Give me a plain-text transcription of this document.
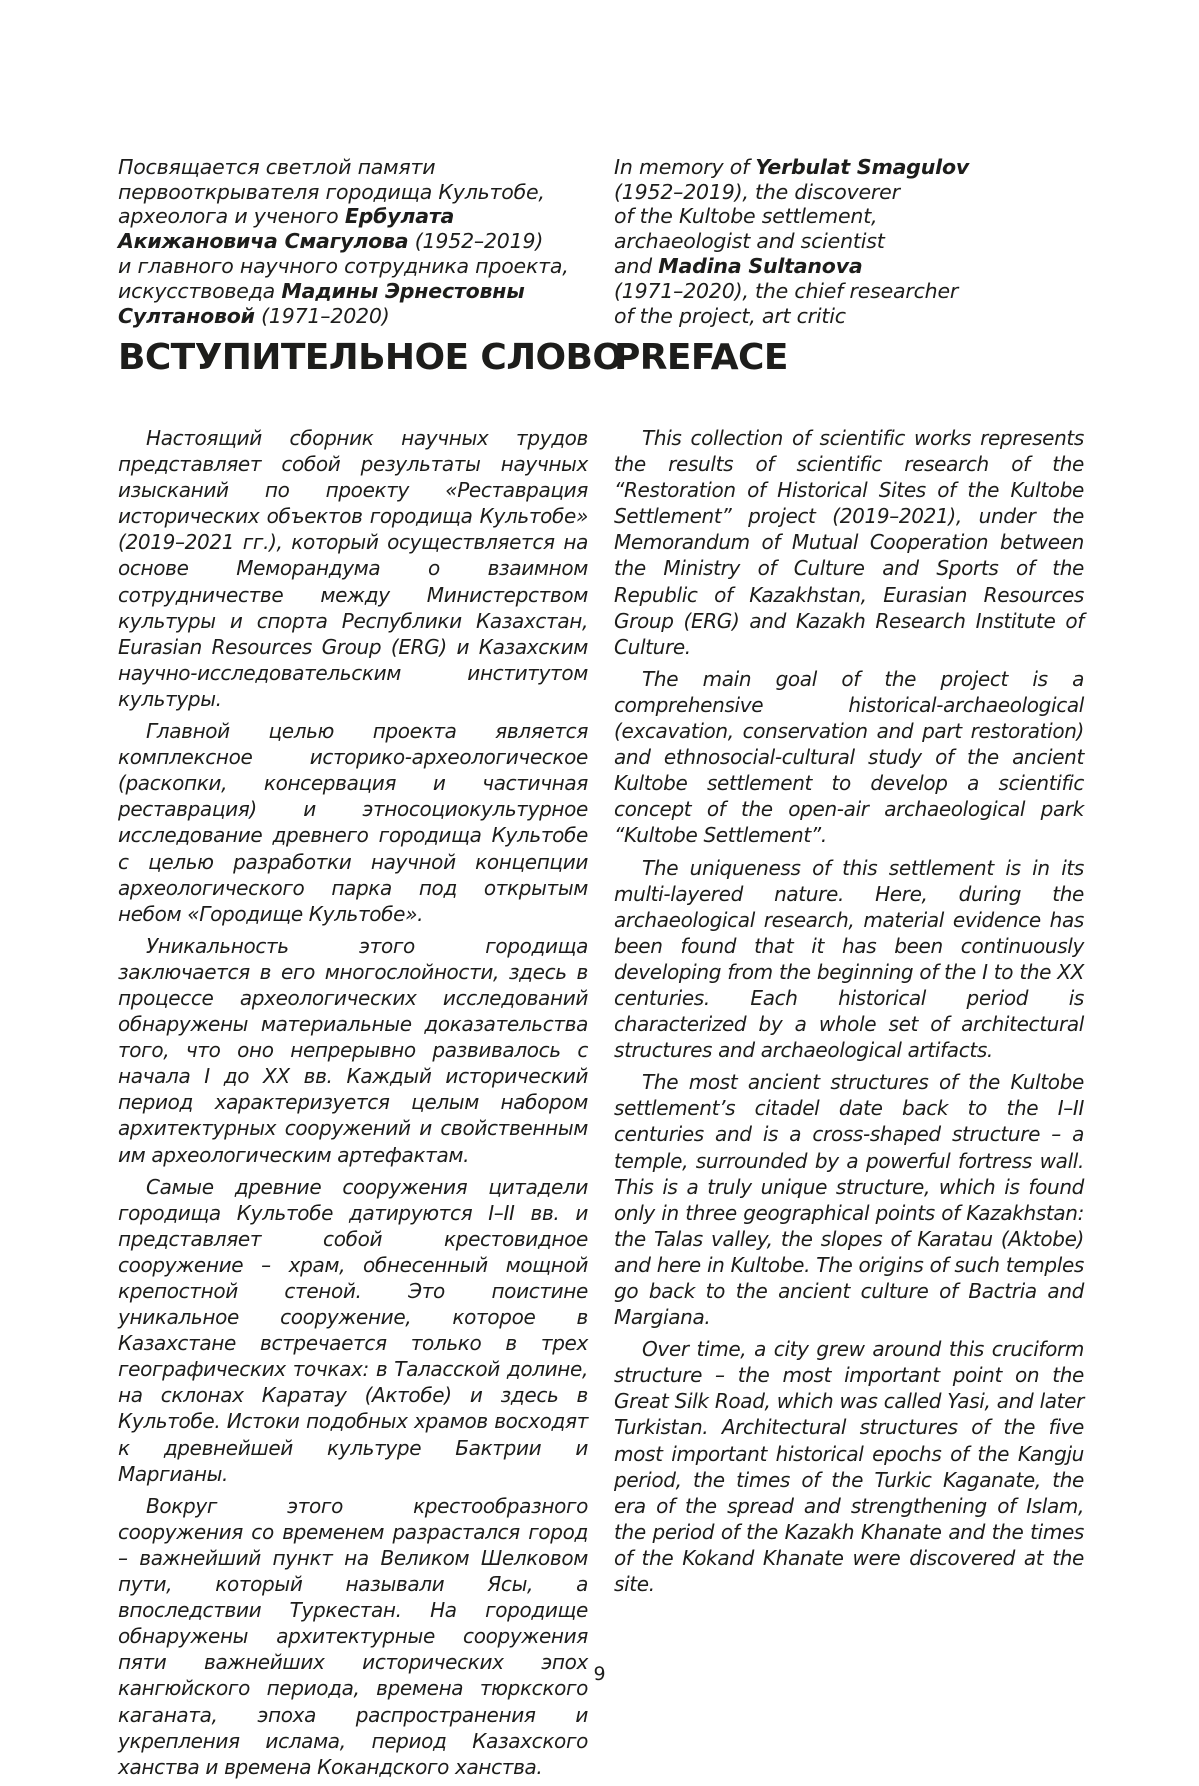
Посвящается светлой памяти
первооткрывателя городища Культобе,
археолога и ученого Ербулата
Акижановича Смагулова (1952–2019)
и главного научного сотрудника проекта,
искусствоведа Мадины Эрнестовны
Султановой (1971–2020)

ВСТУПИТЕЛЬНОЕ СЛОВО

Настоящий сборник научных трудов представляет собой результаты научных изысканий по проекту «Реставрация исторических объектов городища Культобе» (2019–2021 гг.), который осуществляется на основе Меморандума о взаимном сотрудничестве между Министерством культуры и спорта Республики Казахстан, Eurasian Resources Group (ERG) и Казахским научно-исследовательским институтом культуры.

Главной целью проекта является комплексное историко-археологическое (раскопки, консервация и частичная реставрация) и этносоциокультурное исследование древнего городища Культобе с целью разработки научной концепции археологического парка под открытым небом «Городище Культобе».

Уникальность этого городища заключается в его многослойности, здесь в процессе археологических исследований обнаружены материальные доказательства того, что оно непрерывно развивалось с начала I до XX вв. Каждый исторический период характеризуется целым набором архитектурных сооружений и свойственным им археологическим артефактам.

Самые древние сооружения цитадели городища Культобе датируются I–II вв. и представляет собой крестовидное сооружение – храм, обнесенный мощной крепостной стеной. Это поистине уникальное сооружение, которое в Казахстане встречается только в трех географических точках: в Таласской долине, на склонах Каратау (Актобе) и здесь в Культобе. Истоки подобных храмов восходят к древнейшей культуре Бактрии и Маргианы.

Вокруг этого крестообразного сооружения со временем разрастался город – важнейший пункт на Великом Шелковом пути, который называли Ясы, а впоследствии Туркестан. На городище обнаружены архитектурные сооружения пяти важнейших исторических эпох кангюйского периода, времена тюркского каганата, эпоха распространения и укрепления ислама, период Казахского ханства и времена Кокандского ханства.

In memory of Yerbulat Smagulov
(1952–2019), the discoverer
of the Kultobe settlement,
archaeologist and scientist
and Madina Sultanova
(1971–2020), the chief researcher
of the project, art critic

PREFACE

This collection of scientific works represents the results of scientific research of the “Restoration of Historical Sites of the Kultobe Settlement” project (2019–2021), under the Memorandum of Mutual Cooperation between the Ministry of Culture and Sports of the Republic of Kazakhstan, Eurasian Resources Group (ERG) and Kazakh Research Institute of Culture.

The main goal of the project is a comprehensive historical-archaeological (excavation, conservation and part restoration) and ethnosocial-cultural study of the ancient Kultobe settlement to develop a scientific concept of the open-air archaeological park “Kultobe Settlement”.

The uniqueness of this settlement is in its multi-layered nature. Here, during the archaeological research, material evidence has been found that it has been continuously developing from the beginning of the I to the XX centuries. Each historical period is characterized by a whole set of architectural structures and archaeological artifacts.

The most ancient structures of the Kultobe settlement’s citadel date back to the I–II centuries and is a cross-shaped structure – a temple, surrounded by a powerful fortress wall. This is a truly unique structure, which is found only in three geographical points of Kazakhstan: the Talas valley, the slopes of Karatau (Aktobe) and here in Kultobe. The origins of such temples go back to the ancient culture of Bactria and Margiana.

Over time, a city grew around this cruciform structure – the most important point on the Great Silk Road, which was called Yasi, and later Turkistan. Architectural structures of the five most important historical epochs of the Kangju period, the times of the Turkic Kaganate, the era of the spread and strengthening of Islam, the period of the Kazakh Khanate and the times of the Kokand Khanate were discovered at the site.

9
